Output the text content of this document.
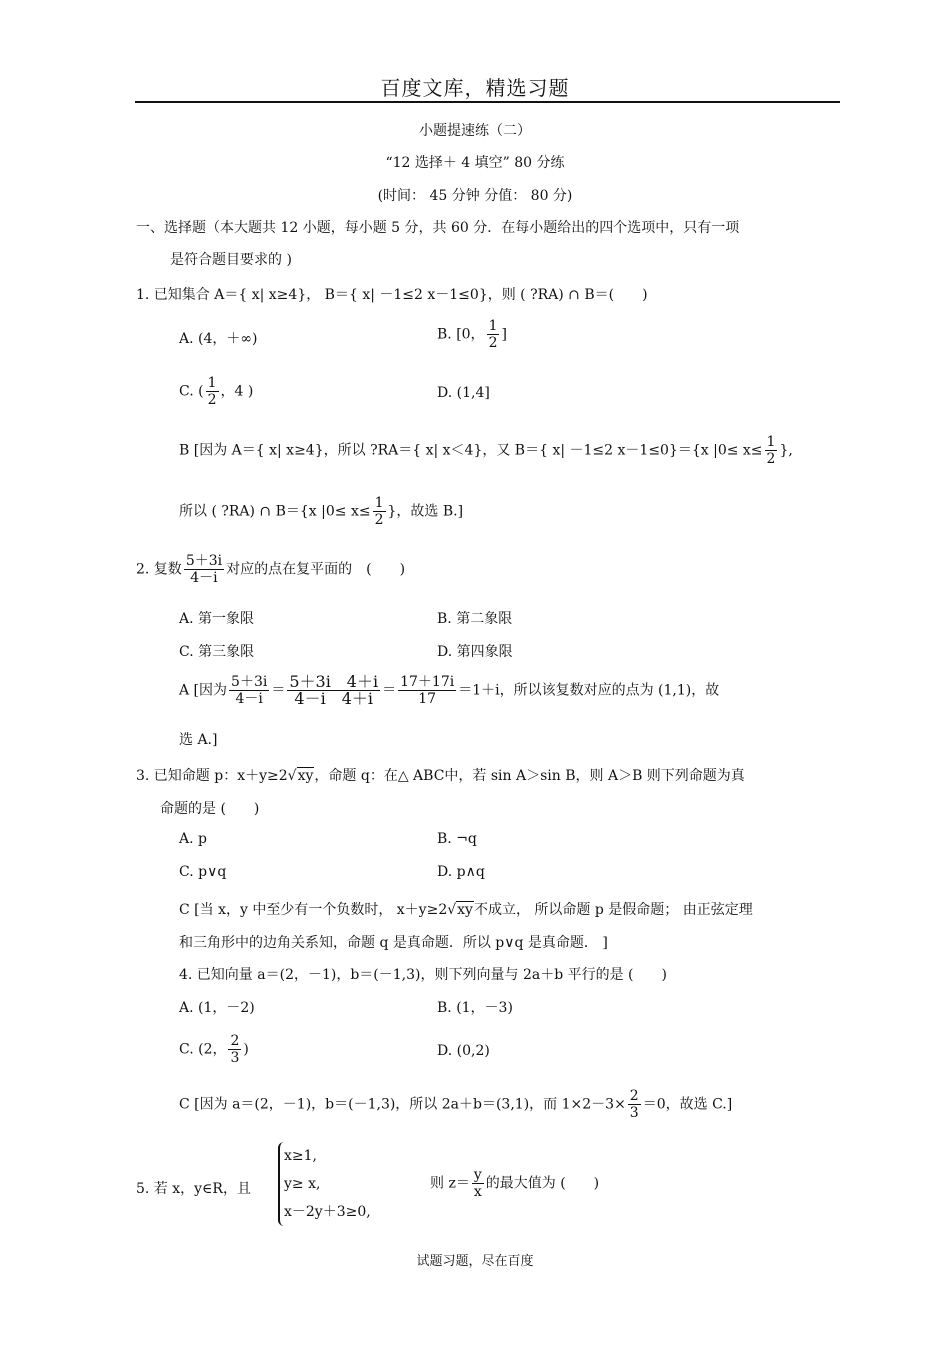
百度文库，精选习题
小题提速练（二）
“12 选择＋ 4 填空” 80 分练
(时间： 45 分钟 分值： 80 分)
一、选择题（本大题共 12 小题，每小题 5 分，共 60 分．在每小题给出的四个选项中，只有一项
是符合题目要求的 )
1. 已知集合 A＝{ x| x≥4}， B＝{ x| －1≤2 x－1≤0}，则 ( ?RA) ∩ B＝(　　)
A. (4，＋∞)	B. [0， $\frac{1}{2}$ ]
C. ( $\frac{1}{2}$ ，4 )	D. (1,4]
B [因为 A＝{ x| x≥4}，所以 ?RA＝{ x| x＜4}，又 B＝{ x| －1≤2 x－1≤0}＝{x $|0\le x\le \frac{1}{2}$ },
所以 ( ?RA) ∩ B＝{x $|0\le x\le \frac{1}{2}$ }，故选 B.]
2. 复数 $\frac{5+3i}{4-i}$ 对应的点在复平面的　(　　)
A. 第一象限	B. 第二象限
C. 第三象限	D. 第四象限
A [因为 $\frac{5+3i}{4-i} = \frac{5+3i 4+i}{4-i 4+i} = \frac{17+17i}{17} =1+i$，所以该复数对应的点为 (1,1)，故
选 A.]
3. 已知命题 p：x＋y≥2√xy，命题 q：在△ ABC中，若 sin A＞sin B，则 A＞B 则下列命题为真
命题的是 (　　)
A. p	B. ¬q
C. p∨q	D. p∧q
C [当 x，y 中至少有一个负数时， x＋y≥2√xy不成立， 所以命题 p 是假命题； 由正弦定理
和三角形中的边角关系知，命题 q 是真命题．所以 p∨q 是真命题． ]
4. 已知向量 a＝(2，－1)，b＝(－1,3)，则下列向量与 2a＋b 平行的是 (　　)
A. (1，－2)	B. (1，－3)
C. (2， $\frac{2}{3}$ )	D. (0,2)
C [因为 a＝(2，－1)，b＝(－1,3)，所以 2a＋b＝(3,1)，而 $1\times 2-3\times \frac{2}{3} =0$，故选 C.]
5. 若 x，y∈R，且
x≥1,
y≥ x,
x－2y＋3≥0,
则 $z= \frac{y}{x}$ 的最大值为 (　　)
试题习题，尽在百度
